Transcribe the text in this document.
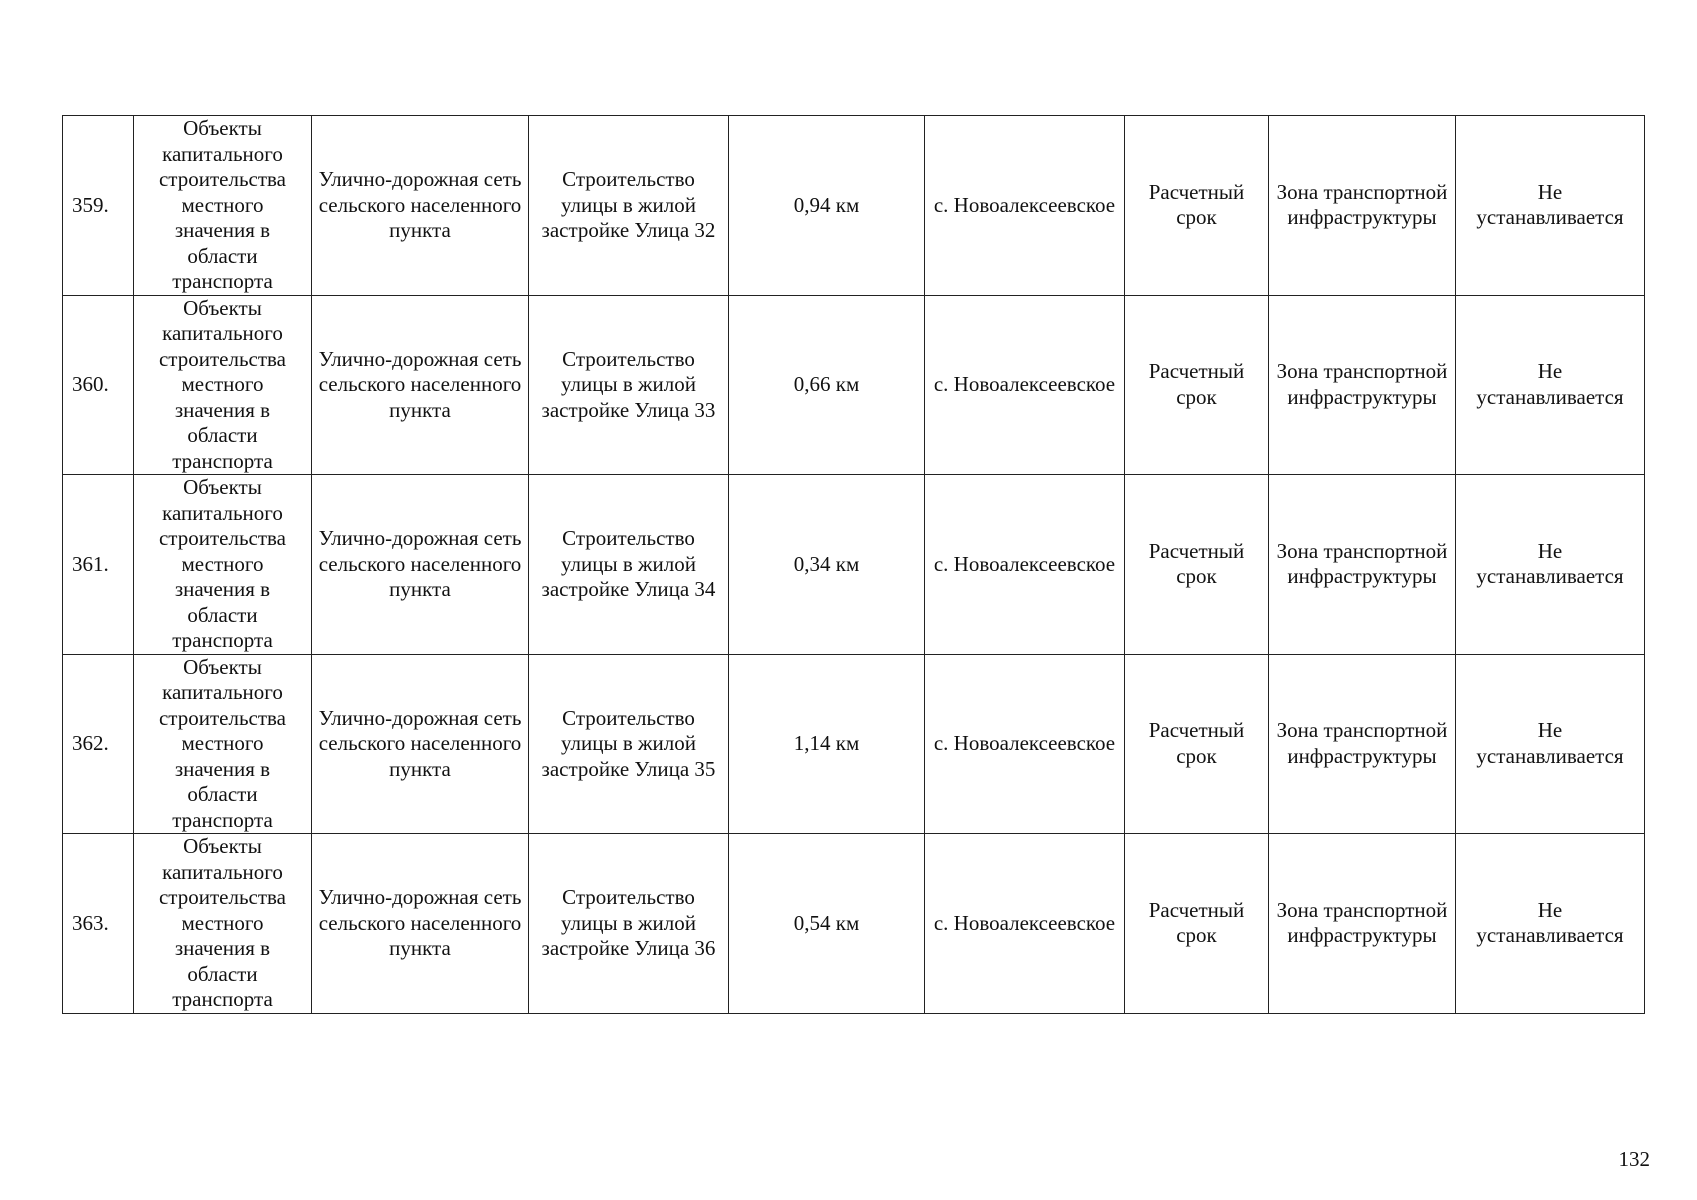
359.	Объекты капитального строительства местного значения в области транспорта	Улично-дорожная сеть сельского населенного пункта	Строительство улицы в жилой застройке Улица 32	0,94 км	с. Новоалексеевское	Расчетный срок	Зона транспортной инфраструктуры	Не устанавливается
360.	Объекты капитального строительства местного значения в области транспорта	Улично-дорожная сеть сельского населенного пункта	Строительство улицы в жилой застройке Улица 33	0,66 км	с. Новоалексеевское	Расчетный срок	Зона транспортной инфраструктуры	Не устанавливается
361.	Объекты капитального строительства местного значения в области транспорта	Улично-дорожная сеть сельского населенного пункта	Строительство улицы в жилой застройке Улица 34	0,34 км	с. Новоалексеевское	Расчетный срок	Зона транспортной инфраструктуры	Не устанавливается
362.	Объекты капитального строительства местного значения в области транспорта	Улично-дорожная сеть сельского населенного пункта	Строительство улицы в жилой застройке Улица 35	1,14 км	с. Новоалексеевское	Расчетный срок	Зона транспортной инфраструктуры	Не устанавливается
363.	Объекты капитального строительства местного значения в области транспорта	Улично-дорожная сеть сельского населенного пункта	Строительство улицы в жилой застройке Улица 36	0,54 км	с. Новоалексеевское	Расчетный срок	Зона транспортной инфраструктуры	Не устанавливается
132
